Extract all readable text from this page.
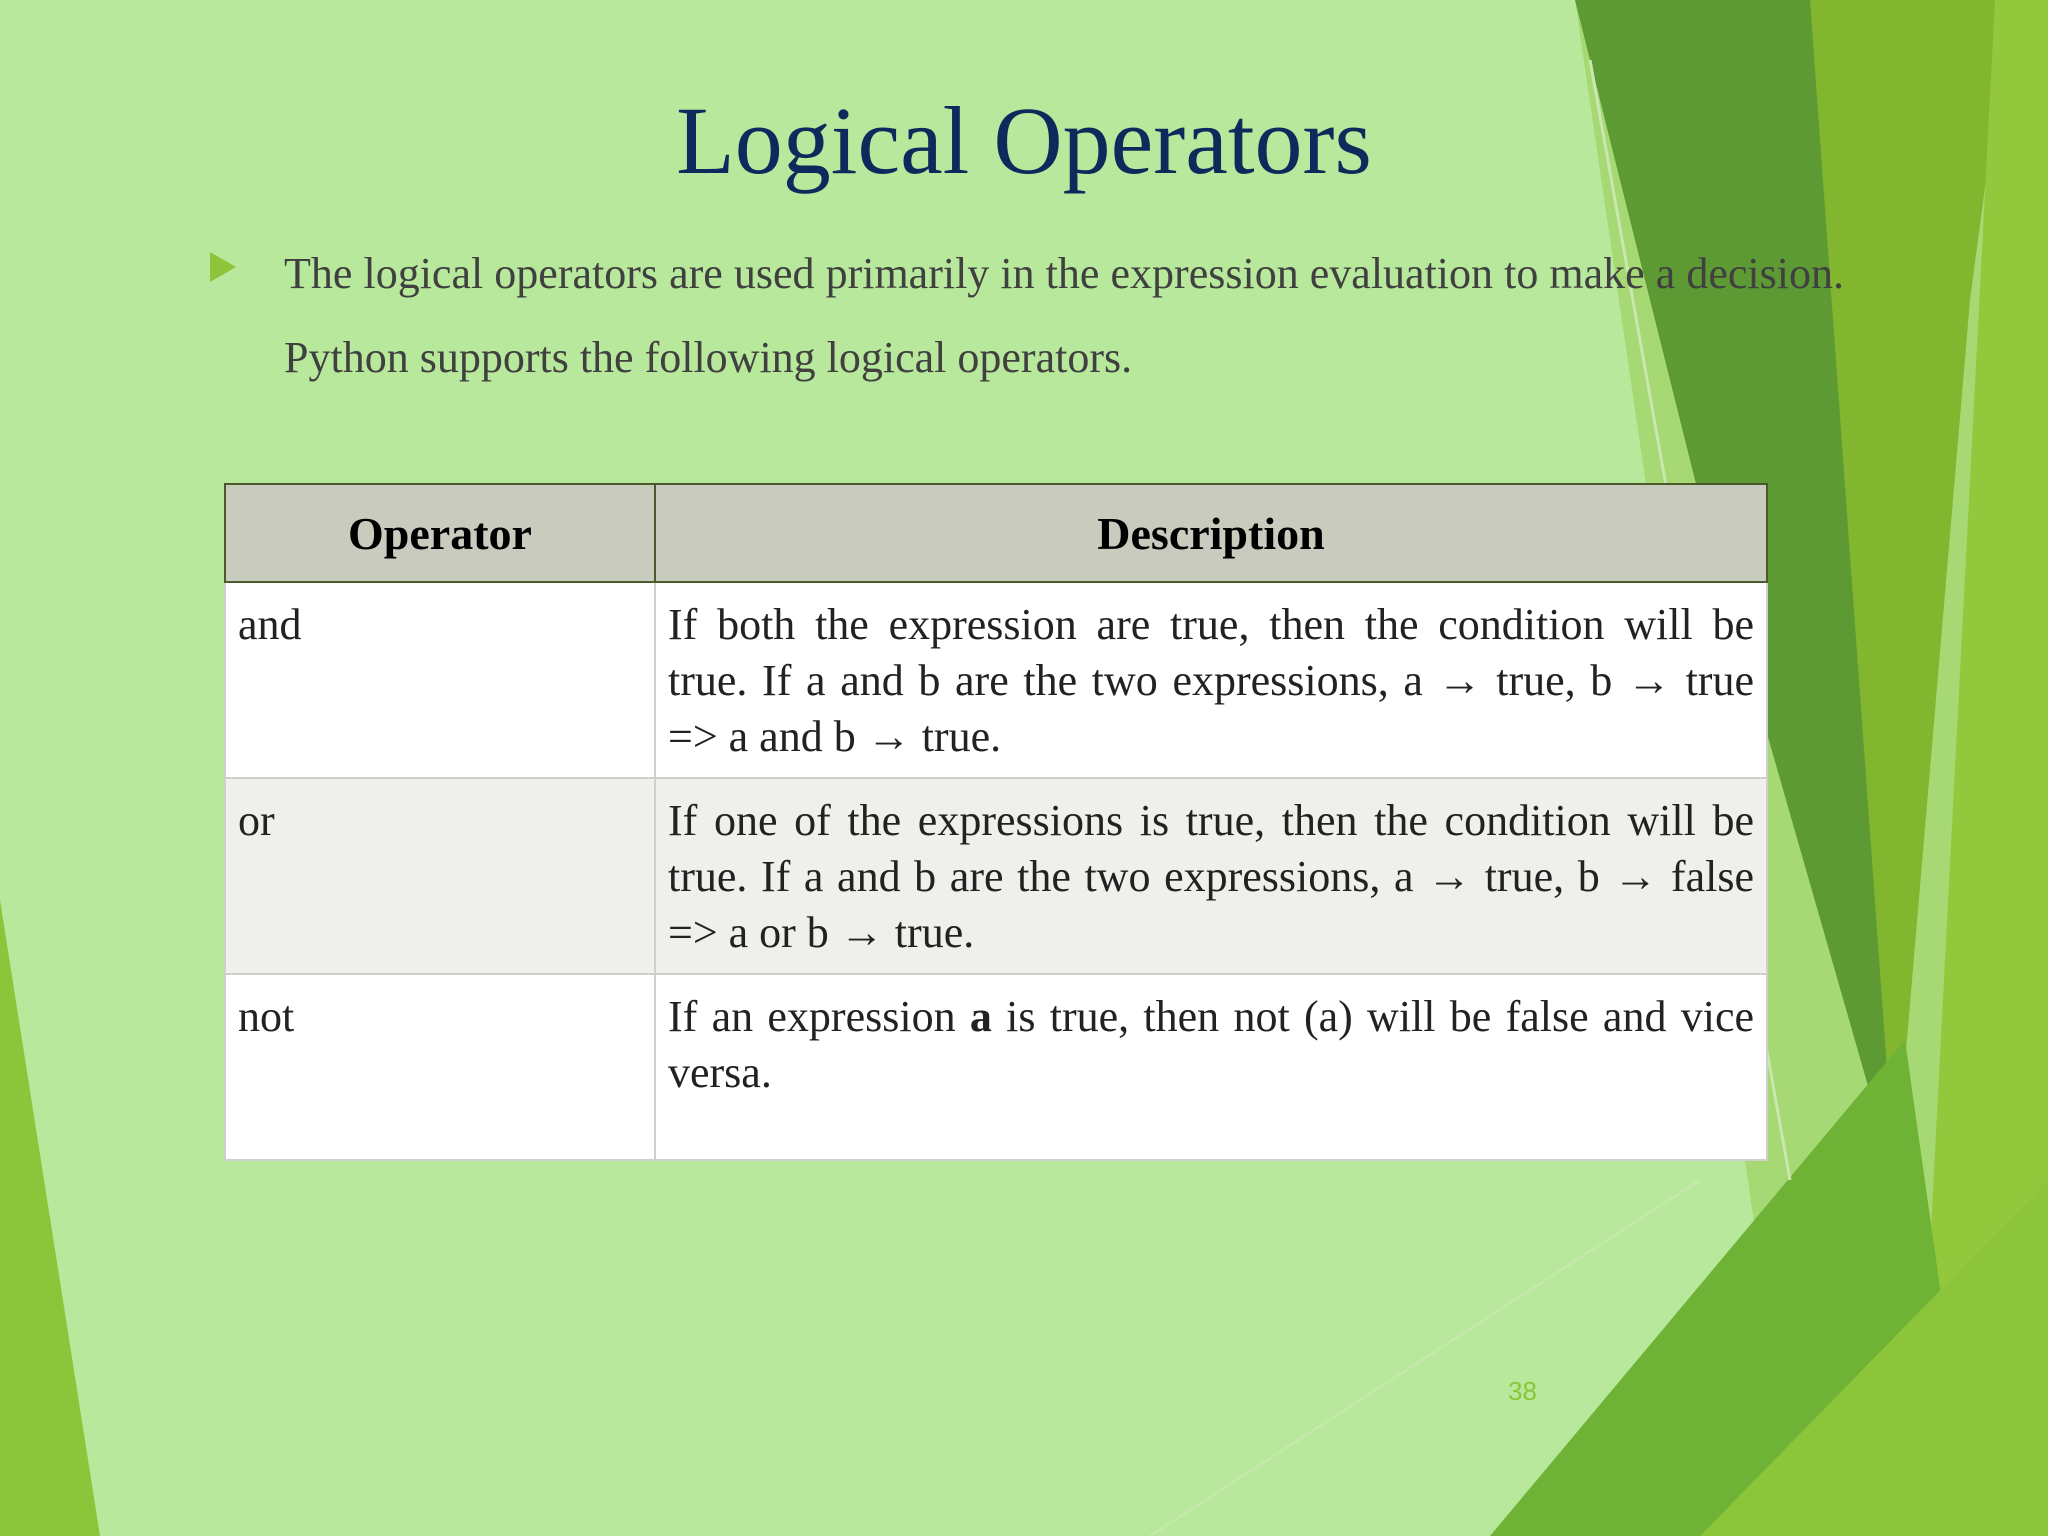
Logical Operators
The logical operators are used primarily in the expression evaluation to make a decision. Python supports the following logical operators.
Operator	Description
and	If both the expression are true, then the condition will be true. If a and b are the two expressions, a → true, b → true => a and b → true.
or	If one of the expressions is true, then the condition will be true. If a and b are the two expressions, a → true, b → false => a or b → true.
not	If an expression a is true, then not (a) will be false and vice versa.
38
